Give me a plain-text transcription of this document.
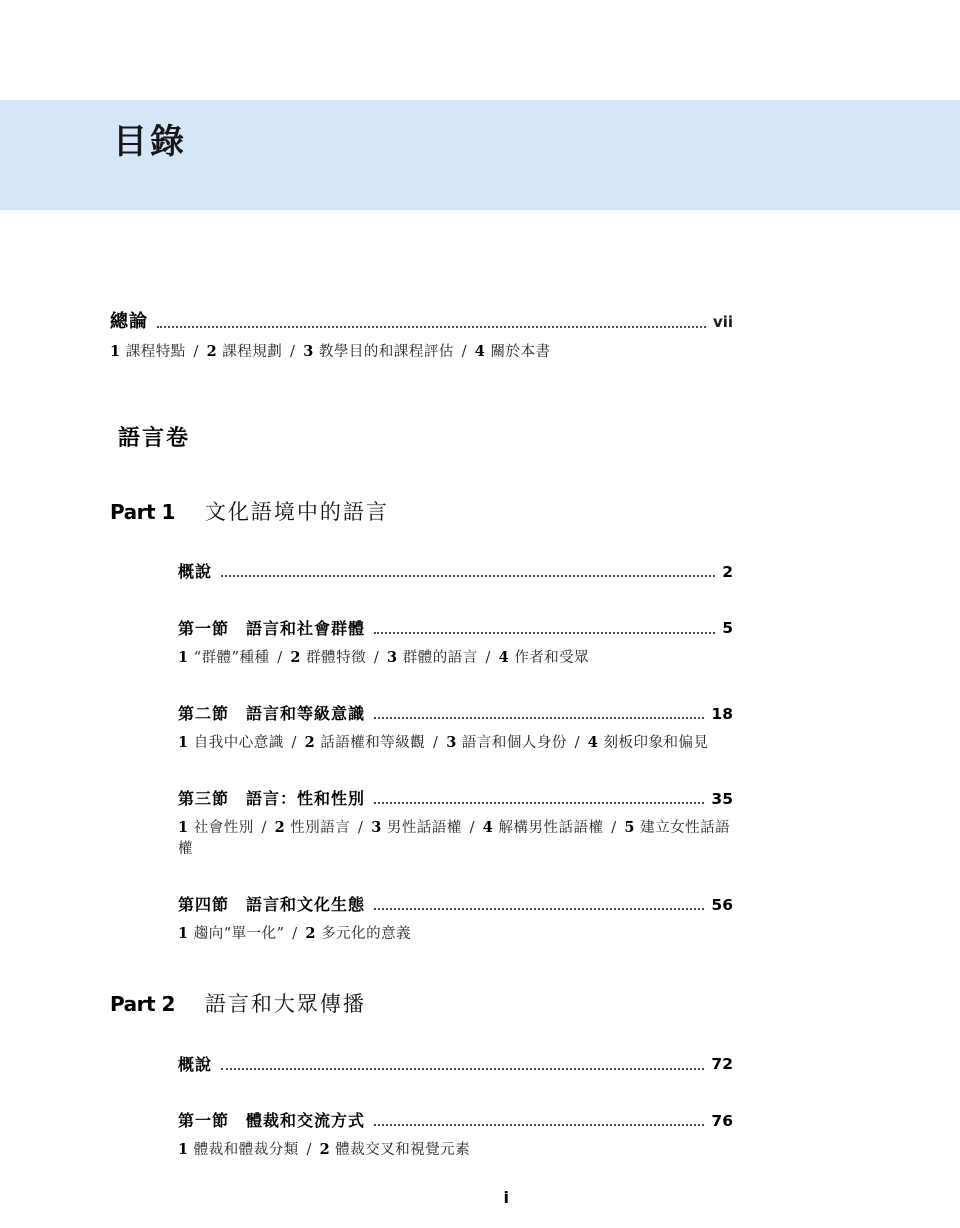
目錄
總論	vii
1 課程特點 / 2 課程規劃 / 3 教學目的和課程評估 / 4 關於本書
語言卷
Part 1 文化語境中的語言
概說	2
第一節　語言和社會群體	5
1 “群體”種種 / 2 群體特徵 / 3 群體的語言 / 4 作者和受眾
第二節　語言和等級意識	18
1 自我中心意識 / 2 話語權和等級觀 / 3 語言和個人身份 / 4 刻板印象和偏見
第三節　語言：性和性別	35
1 社會性別 / 2 性別語言 / 3 男性話語權 / 4 解構男性話語權 / 5 建立女性話語權
第四節　語言和文化生態	56
1 趨向“單一化” / 2 多元化的意義
Part 2 語言和大眾傳播
概說	72
第一節　體裁和交流方式	76
1 體裁和體裁分類 / 2 體裁交叉和視覺元素
i
